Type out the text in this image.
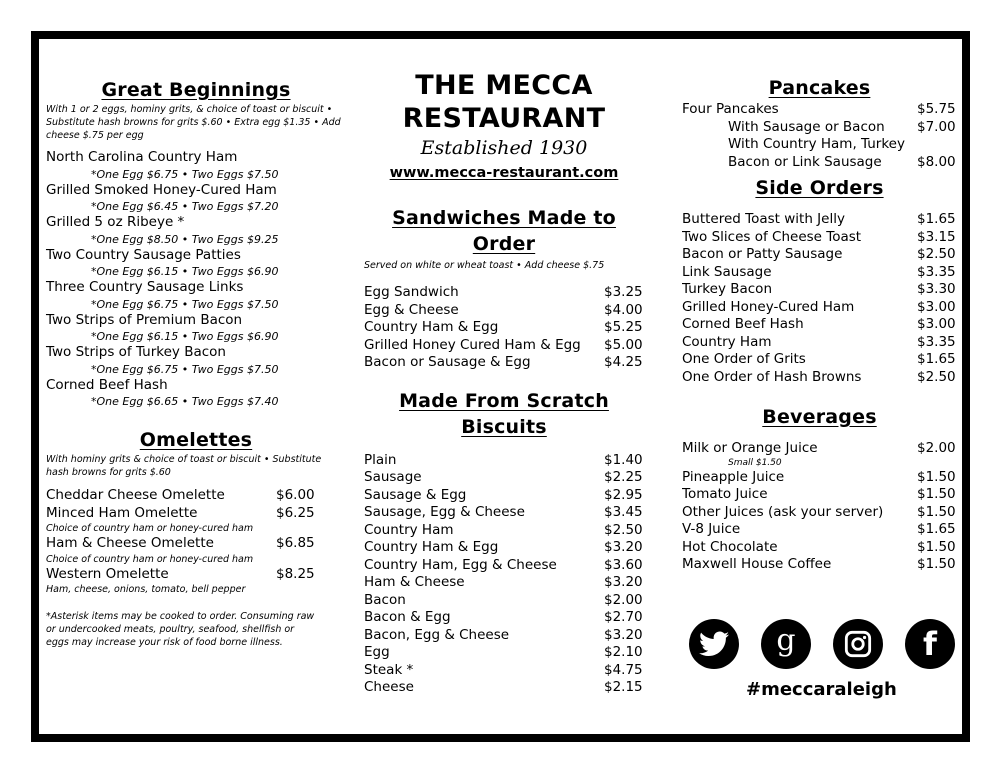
Great Beginnings
With 1 or 2 eggs, hominy grits, & choice of toast or biscuit • Substitute hash browns for grits $.60 • Extra egg $1.35 • Add cheese $.75 per egg
North Carolina Country Ham
*One Egg $6.75 • Two Eggs $7.50
Grilled Smoked Honey-Cured Ham
*One Egg $6.45 • Two Eggs $7.20
Grilled 5 oz Ribeye *
*One Egg $8.50 • Two Eggs $9.25
Two Country Sausage Patties
*One Egg $6.15 • Two Eggs $6.90
Three Country Sausage Links
*One Egg $6.75 • Two Eggs $7.50
Two Strips of Premium Bacon
*One Egg $6.15 • Two Eggs $6.90
Two Strips of Turkey Bacon
*One Egg $6.75 • Two Eggs $7.50
Corned Beef Hash
*One Egg $6.65 • Two Eggs $7.40
Omelettes
With hominy grits & choice of toast or biscuit • Substitute hash browns for grits $.60
Cheddar Cheese Omelette	$6.00
Minced Ham Omelette	$6.25
Choice of country ham or honey-cured ham
Ham & Cheese Omelette	$6.85
Choice of country ham or honey-cured ham
Western Omelette	$8.25
Ham, cheese, onions, tomato, bell pepper
*Asterisk items may be cooked to order. Consuming raw or undercooked meats, poultry, seafood, shellfish or eggs may increase your risk of food borne illness.
THE MECCA
RESTAURANT
Established 1930
www.mecca-restaurant.com
Sandwiches Made to
Order
Served on white or wheat toast • Add cheese $.75
Egg Sandwich	$3.25
Egg & Cheese	$4.00
Country Ham & Egg	$5.25
Grilled Honey Cured Ham & Egg $5.00
Bacon or Sausage & Egg	$4.25
Made From Scratch
Biscuits
Plain	$1.40
Sausage	$2.25
Sausage & Egg	$2.95
Sausage, Egg & Cheese	$3.45
Country Ham	$2.50
Country Ham & Egg	$3.20
Country Ham, Egg & Cheese	$3.60
Ham & Cheese	$3.20
Bacon	$2.00
Bacon & Egg	$2.70
Bacon, Egg & Cheese	$3.20
Egg	$2.10
Steak *	$4.75
Cheese	$2.15
Pancakes
Four Pancakes	$5.75
With Sausage or Bacon $7.00
With Country Ham, Turkey
Bacon or Link Sausage	$8.00
Side Orders
Buttered Toast with Jelly	$1.65
Two Slices of Cheese Toast	$3.15
Bacon or Patty Sausage	$2.50
Link Sausage	$3.35
Turkey Bacon	$3.30
Grilled Honey-Cured Ham	$3.00
Corned Beef Hash	$3.00
Country Ham	$3.35
One Order of Grits	$1.65
One Order of Hash Browns	$2.50
Beverages
Milk or Orange Juice	$2.00
Small $1.50
Pineapple Juice	$1.50
Tomato Juice	$1.50
Other Juices (ask your server) $1.50
V-8 Juice	$1.65
Hot Chocolate	$1.50
Maxwell House Coffee	$1.50
g	f
#meccaraleigh
